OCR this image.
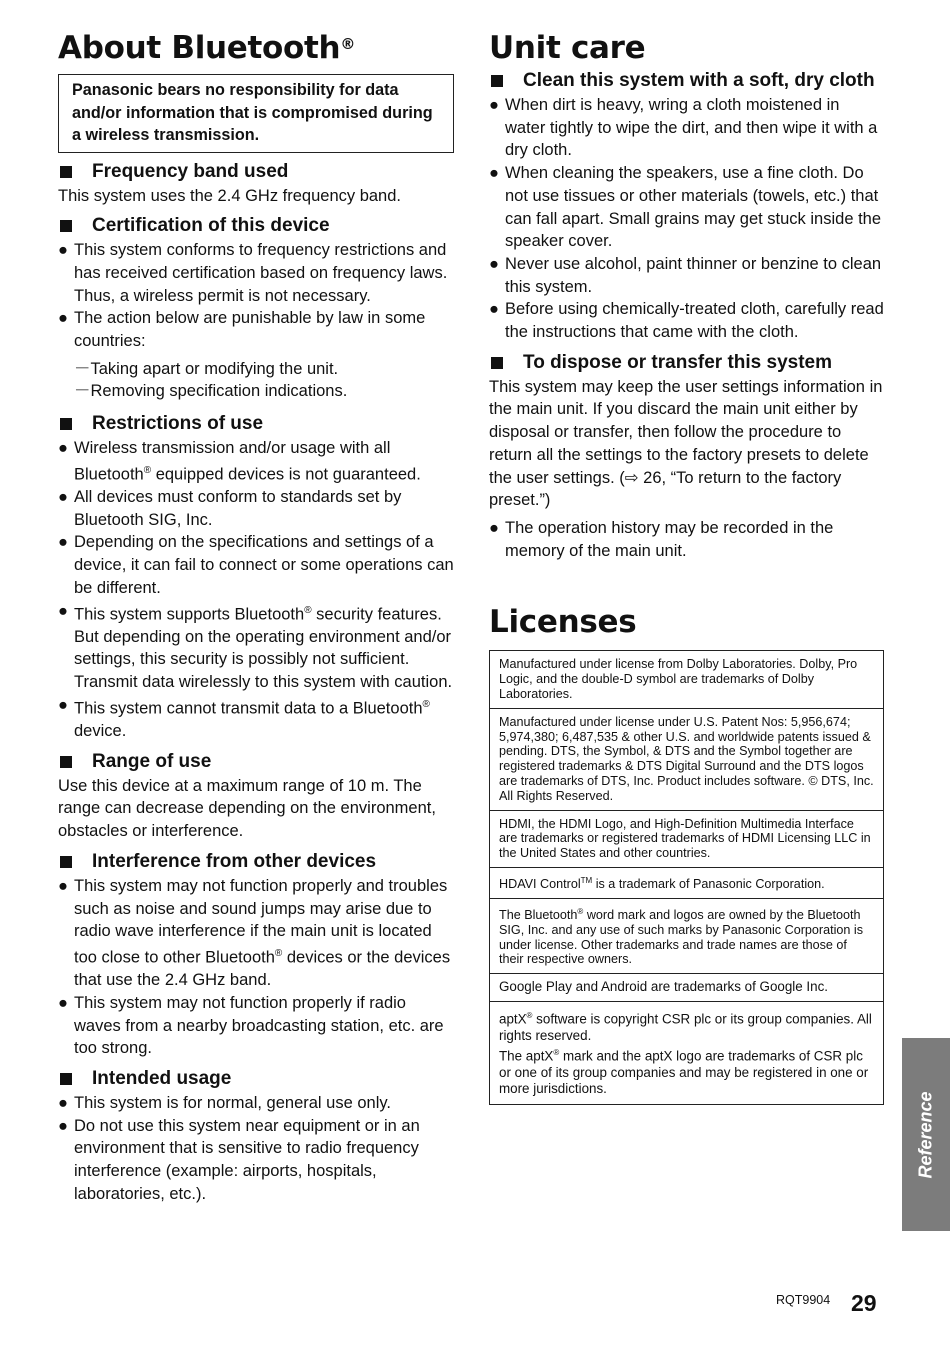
About Bluetooth®
Panasonic bears no responsibility for data and/or information that is compromised during a wireless transmission.
Frequency band used

This system uses the 2.4 GHz frequency band.

Certification of this device
● This system conforms to frequency restrictions and has received certification based on frequency laws. Thus, a wireless permit is not necessary.
● The action below are punishable by law in some countries:
－Taking apart or modifying the unit.
－Removing specification indications.
Restrictions of use
● Wireless transmission and/or usage with all Bluetooth® equipped devices is not guaranteed.
● All devices must conform to standards set by Bluetooth SIG, Inc.
● Depending on the specifications and settings of a device, it can fail to connect or some operations can be different.
● This system supports Bluetooth® security features. But depending on the operating environment and/or settings, this security is possibly not sufficient. Transmit data wirelessly to this system with caution.
● This system cannot transmit data to a Bluetooth® device.
Range of use

Use this device at a maximum range of 10 m. The range can decrease depending on the environment, obstacles or interference.

Interference from other devices
● This system may not function properly and troubles such as noise and sound jumps may arise due to radio wave interference if the main unit is located too close to other Bluetooth® devices or the devices that use the 2.4 GHz band.
● This system may not function properly if radio waves from a nearby broadcasting station, etc. are too strong.
Intended usage
● This system is for normal, general use only.
● Do not use this system near equipment or in an environment that is sensitive to radio frequency interference (example: airports, hospitals, laboratories, etc.).
Unit care
Clean this system with a soft, dry cloth
● When dirt is heavy, wring a cloth moistened in water tightly to wipe the dirt, and then wipe it with a dry cloth.
● When cleaning the speakers, use a fine cloth. Do not use tissues or other materials (towels, etc.) that can fall apart. Small grains may get stuck inside the speaker cover.
● Never use alcohol, paint thinner or benzine to clean this system.
● Before using chemically-treated cloth, carefully read the instructions that came with the cloth.
To dispose or transfer this system

This system may keep the user settings information in the main unit. If you discard the main unit either by disposal or transfer, then follow the procedure to return all the settings to the factory presets to delete the user settings. (⇨ 26, “To return to the factory preset.”)

● The operation history may be recorded in the memory of the main unit.
Licenses
Manufactured under license from Dolby Laboratories. Dolby, Pro Logic, and the double-D symbol are trademarks of Dolby Laboratories.
Manufactured under license under U.S. Patent Nos: 5,956,674; 5,974,380; 6,487,535 & other U.S. and worldwide patents issued & pending. DTS, the Symbol, & DTS and the Symbol together are registered trademarks & DTS Digital Surround and the DTS logos are trademarks of DTS, Inc. Product includes software. © DTS, Inc. All Rights Reserved.
HDMI, the HDMI Logo, and High-Definition Multimedia Interface are trademarks or registered trademarks of HDMI Licensing LLC in the United States and other countries.
HDAVI Control™ is a trademark of Panasonic Corporation.
The Bluetooth® word mark and logos are owned by the Bluetooth SIG, Inc. and any use of such marks by Panasonic Corporation is under license. Other trademarks and trade names are those of their respective owners.
Google Play and Android are trademarks of Google Inc.
aptX® software is copyright CSR plc or its group companies. All rights reserved.
The aptX® mark and the aptX logo are trademarks of CSR plc or one of its group companies and may be registered in one or more jurisdictions.
Reference
RQT9904 29
